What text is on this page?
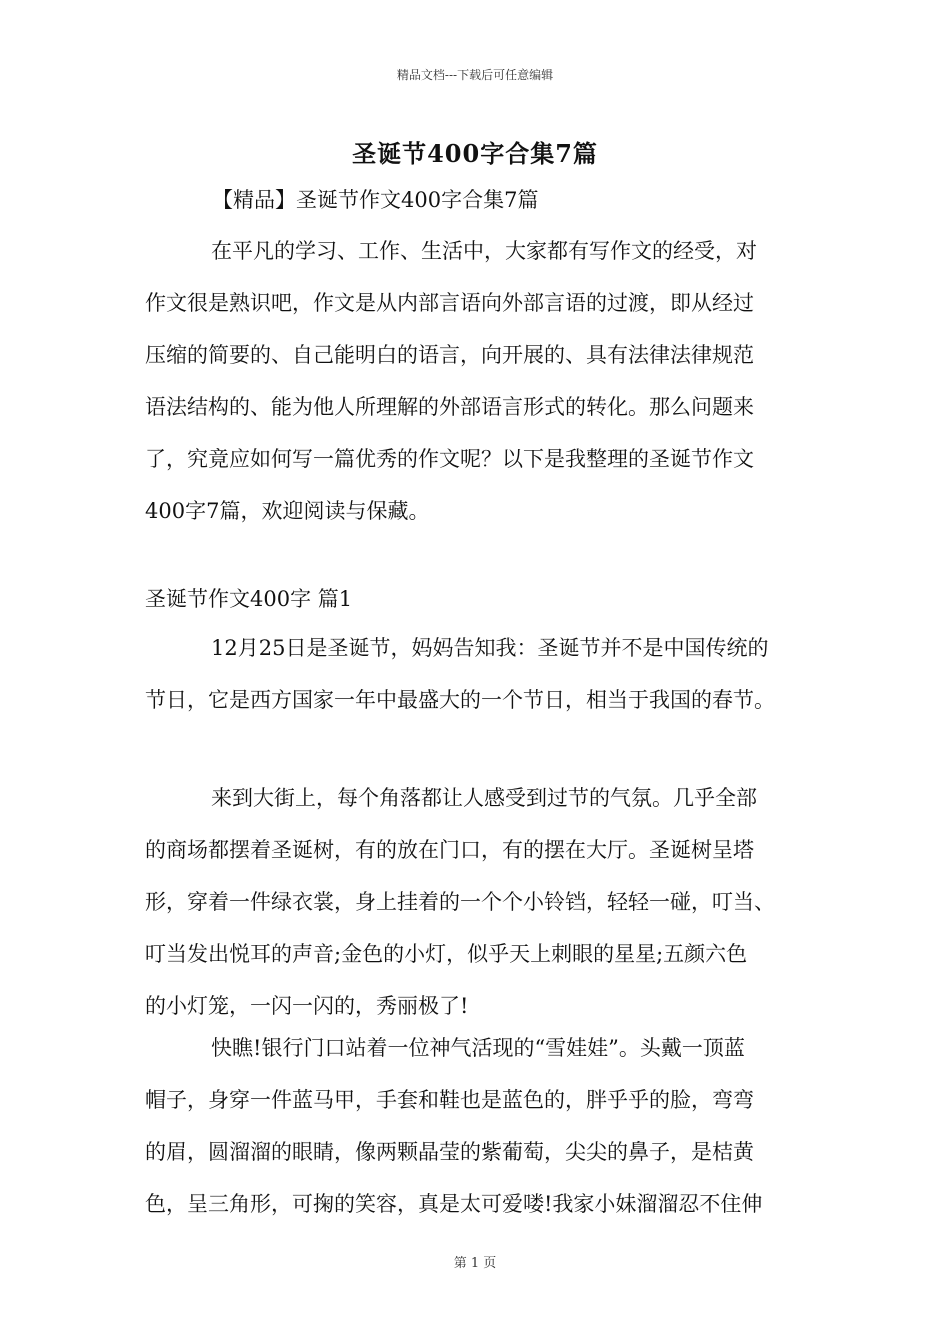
精品文档---下载后可任意编辑
圣诞节400字合集7篇
【精品】圣诞节作文400字合集7篇
在平凡的学习、工作、生活中，大家都有写作文的经受，对
作文很是熟识吧，作文是从内部言语向外部言语的过渡，即从经过
压缩的简要的、自己能明白的语言，向开展的、具有法律法律规范
语法结构的、能为他人所理解的外部语言形式的转化。那么问题来
了，究竟应如何写一篇优秀的作文呢？以下是我整理的圣诞节作文
400字7篇，欢迎阅读与保藏。
圣诞节作文400字 篇1
12月25日是圣诞节，妈妈告知我：圣诞节并不是中国传统的
节日，它是西方国家一年中最盛大的一个节日，相当于我国的春节。
来到大街上，每个角落都让人感受到过节的气氛。几乎全部
的商场都摆着圣诞树，有的放在门口，有的摆在大厅。圣诞树呈塔
形，穿着一件绿衣裳，身上挂着的一个个小铃铛，轻轻一碰，叮当、
叮当发出悦耳的声音;金色的小灯，似乎天上刺眼的星星;五颜六色
的小灯笼，一闪一闪的，秀丽极了!
快瞧!银行门口站着一位神气活现的“雪娃娃”。头戴一顶蓝
帽子，身穿一件蓝马甲，手套和鞋也是蓝色的，胖乎乎的脸，弯弯
的眉，圆溜溜的眼睛，像两颗晶莹的紫葡萄，尖尖的鼻子，是桔黄
色，呈三角形，可掬的笑容，真是太可爱喽!我家小妹溜溜忍不住伸
第 1 页
